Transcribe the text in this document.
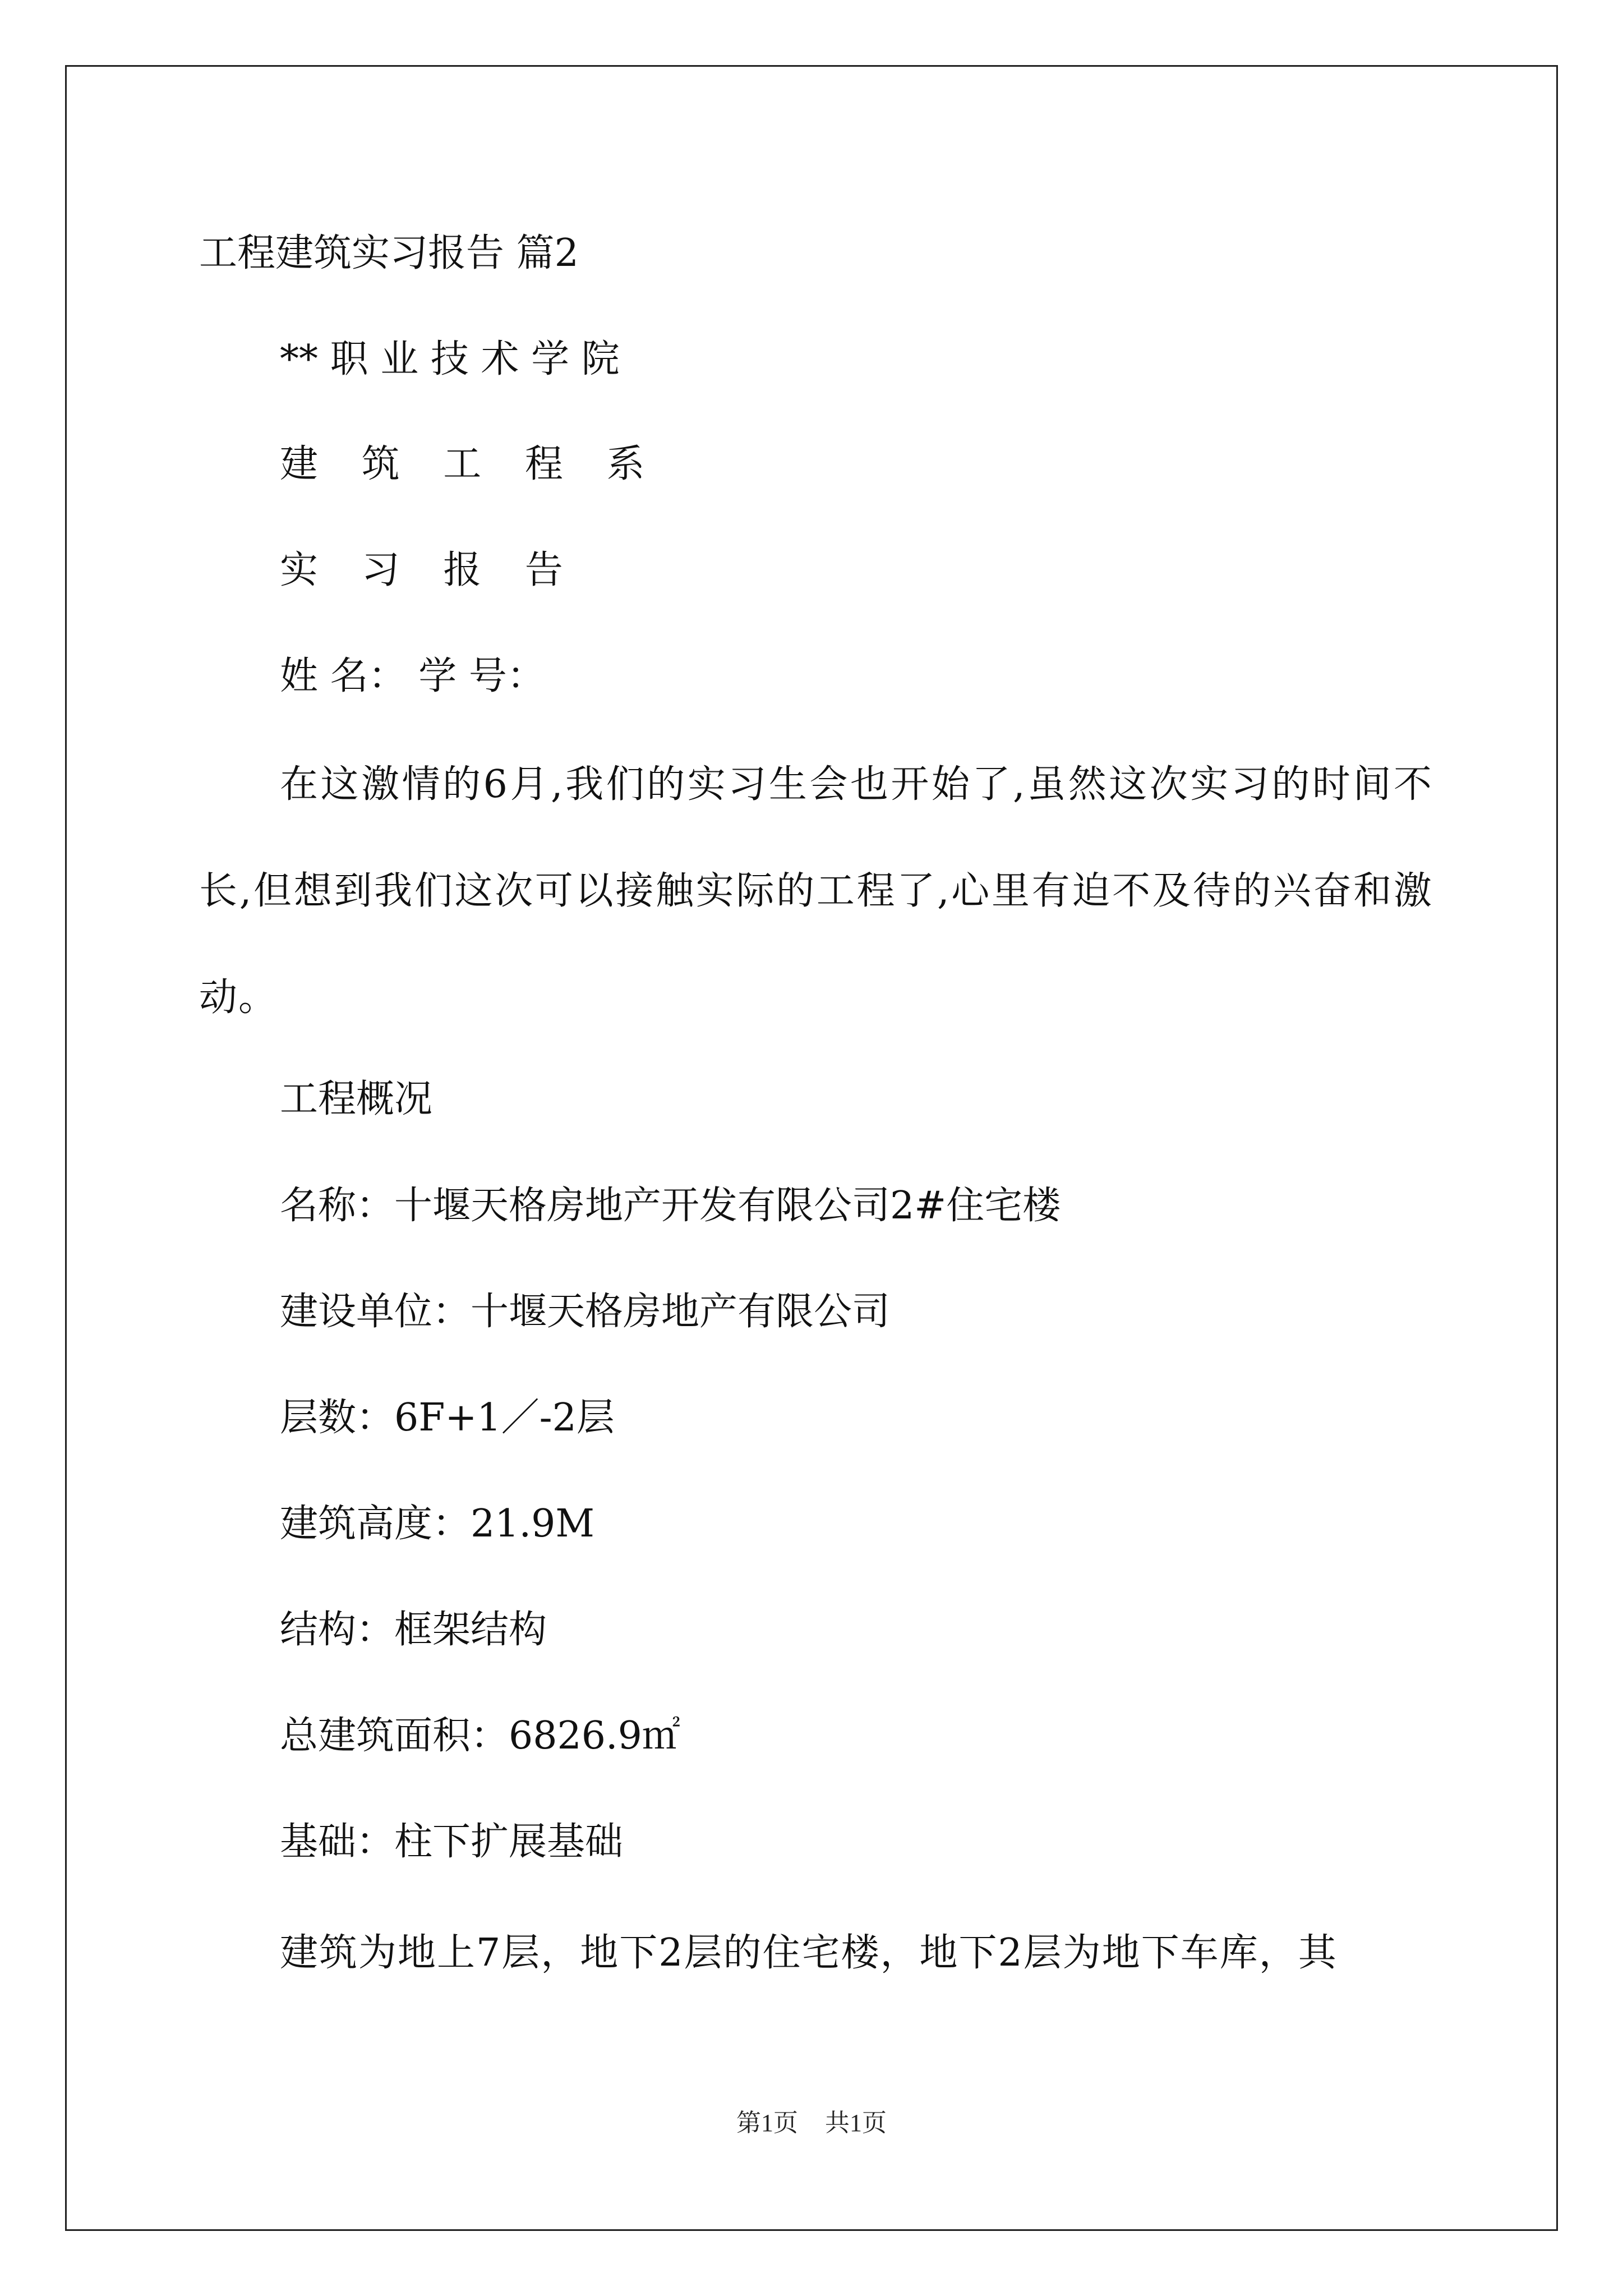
工程建筑实习报告 篇2
** 职 业 技 术 学 院
建 筑 工 程 系
实 习 报 告
姓 名： 学 号：
在这激情的6月,我们的实习生会也开始了,虽然这次实习的时间不长,但想到我们这次可以接触实际的工程了,心里有迫不及待的兴奋和激动。
工程概况
名称：十堰天格房地产开发有限公司2#住宅楼
建设单位：十堰天格房地产有限公司
层数：6F+1／-2层
建筑高度：21.9M
结构：框架结构
总建筑面积：6826.9㎡
基础：柱下扩展基础
建筑为地上7层，地下2层的住宅楼，地下2层为地下车库，其
第1页 共1页
